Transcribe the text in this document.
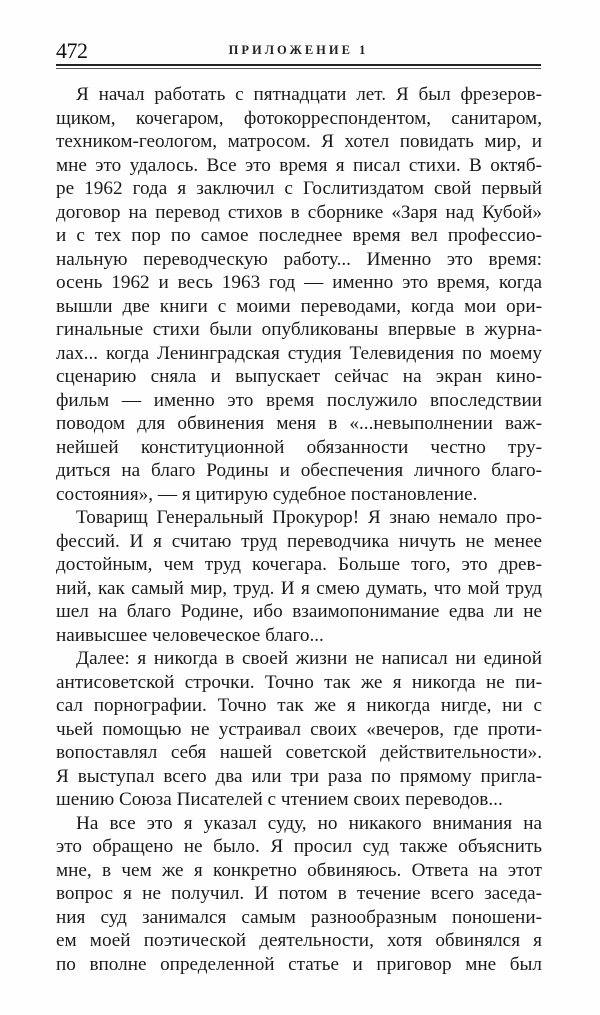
472	ПРИЛОЖЕНИЕ 1
Я начал работать с пятнадцати лет. Я был фрезеров-
щиком, кочегаром, фотокорреспондентом, санитаром,
техником-геологом, матросом. Я хотел повидать мир, и
мне это удалось. Все это время я писал стихи. В октяб-
ре 1962 года я заключил с Гослитиздатом свой первый
договор на перевод стихов в сборнике «Заря над Кубой»
и с тех пор по самое последнее время вел профессио-
нальную переводческую работу... Именно это время:
осень 1962 и весь 1963 год — именно это время, когда
вышли две книги с моими переводами, когда мои ори-
гинальные стихи были опубликованы впервые в журна-
лах... когда Ленинградская студия Телевидения по моему
сценарию сняла и выпускает сейчас на экран кино-
фильм — именно это время послужило впоследствии
поводом для обвинения меня в «...невыполнении важ-
нейшей конституционной обязанности честно тру-
диться на благо Родины и обеспечения личного благо-
состояния», — я цитирую судебное постановление.
Товарищ Генеральный Прокурор! Я знаю немало про-
фессий. И я считаю труд переводчика ничуть не менее
достойным, чем труд кочегара. Больше того, это древ-
ний, как самый мир, труд. И я смею думать, что мой труд
шел на благо Родине, ибо взаимопонимание едва ли не
наивысшее человеческое благо...
Далее: я никогда в своей жизни не написал ни единой
антисоветской строчки. Точно так же я никогда не пи-
сал порнографии. Точно так же я никогда нигде, ни с
чьей помощью не устраивал своих «вечеров, где проти-
вопоставлял себя нашей советской действительности».
Я выступал всего два или три раза по прямому пригла-
шению Союза Писателей с чтением своих переводов...
На все это я указал суду, но никакого внимания на
это обращено не было. Я просил суд также объяснить
мне, в чем же я конкретно обвиняюсь. Ответа на этот
вопрос я не получил. И потом в течение всего заседа-
ния суд занимался самым разнообразным поношени-
ем моей поэтической деятельности, хотя обвинялся я
по вполне определенной статье и приговор мне был
